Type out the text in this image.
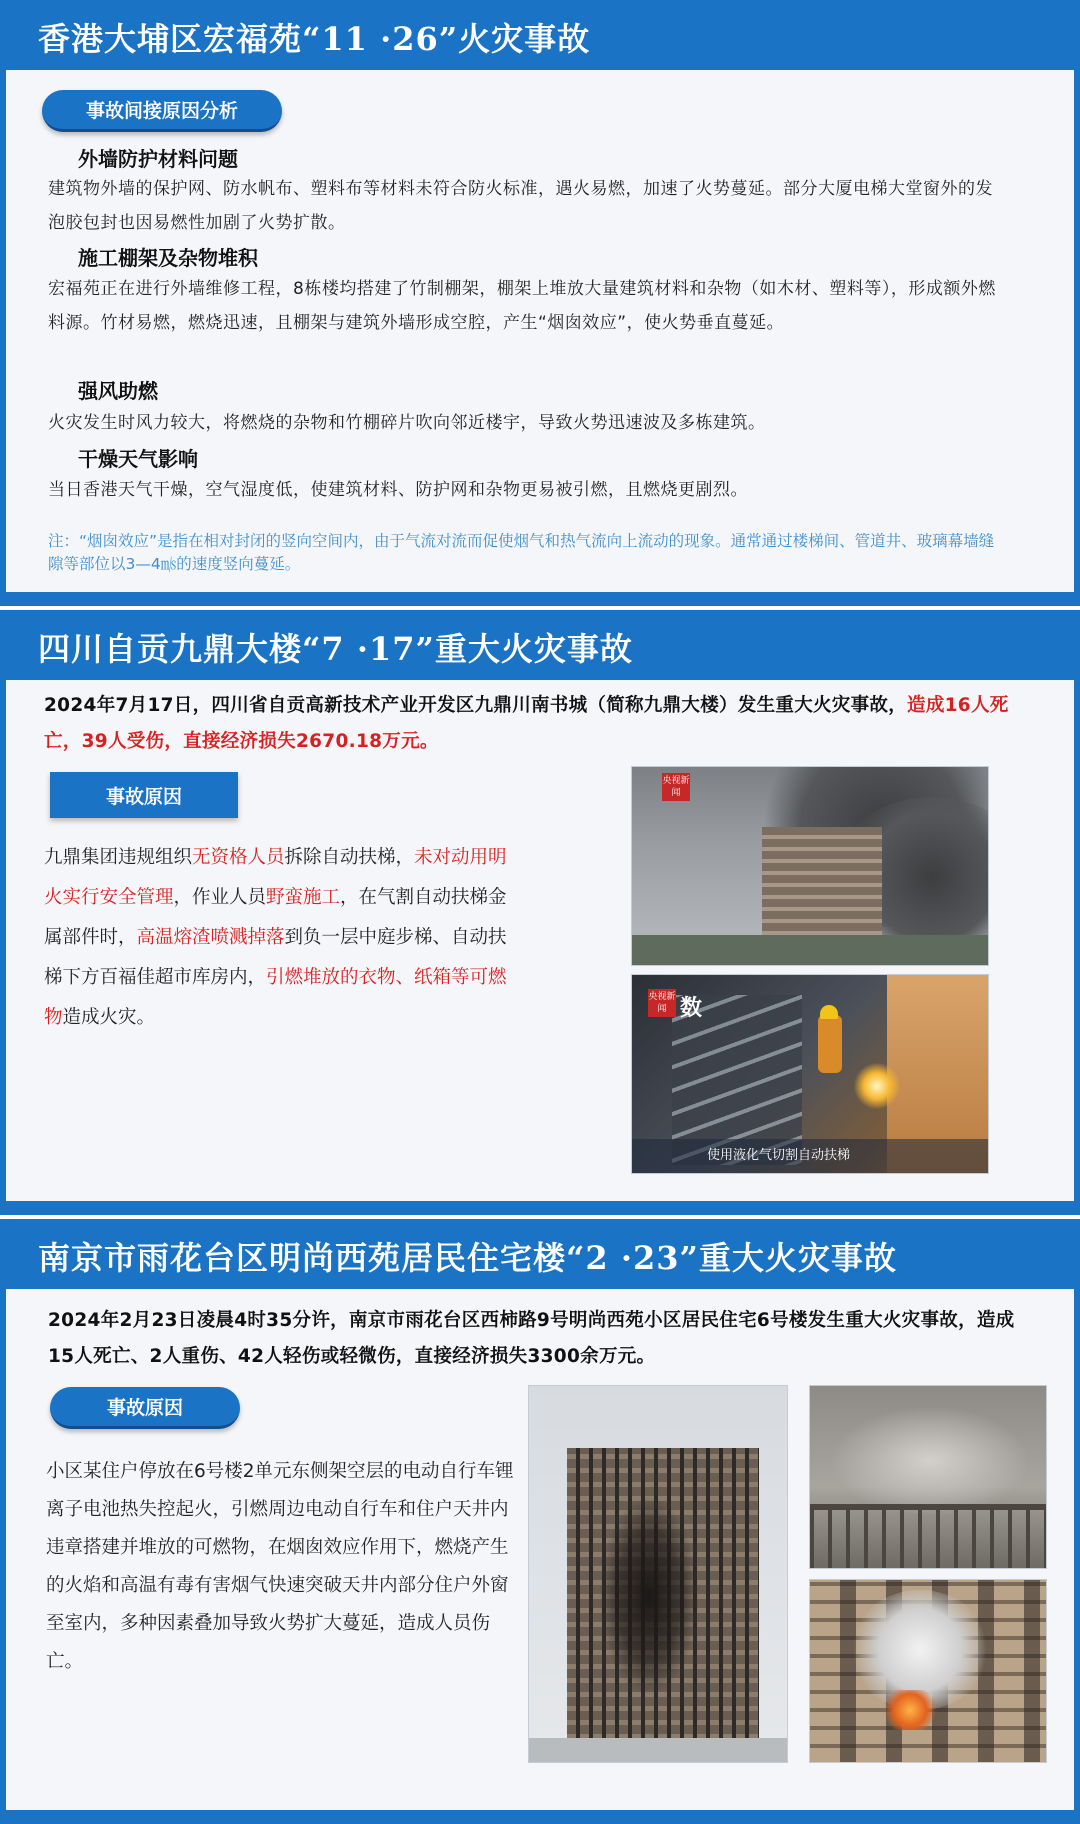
香港大埔区宏福苑“11 ·26”火灾事故
事故间接原因分析
外墙防护材料问题
建筑物外墙的保护网、防水帆布、塑料布等材料未符合防火标准，遇火易燃，加速了火势蔓延。部分大厦电梯大堂窗外的发泡胶包封也因易燃性加剧了火势扩散。
施工棚架及杂物堆积
宏福苑正在进行外墙维修工程，8栋楼均搭建了竹制棚架，棚架上堆放大量建筑材料和杂物（如木材、塑料等），形成额外燃料源。竹材易燃，燃烧迅速，且棚架与建筑外墙形成空腔，产生“烟囱效应”，使火势垂直蔓延。
强风助燃
火灾发生时风力较大，将燃烧的杂物和竹棚碎片吹向邻近楼宇，导致火势迅速波及多栋建筑。
干燥天气影响
当日香港天气干燥，空气湿度低，使建筑材料、防护网和杂物更易被引燃，且燃烧更剧烈。
注：“烟囱效应”是指在相对封闭的竖向空间内，由于气流对流而促使烟气和热气流向上流动的现象。通常通过楼梯间、管道井、玻璃幕墙缝隙等部位以3—4㎧的速度竖向蔓延。
四川自贡九鼎大楼“7 ·17”重大火灾事故
2024年7月17日，四川省自贡高新技术产业开发区九鼎川南书城（简称九鼎大楼）发生重大火灾事故，造成16人死亡，39人受伤，直接经济损失2670.18万元。
事故原因
九鼎集团违规组织无资格人员拆除自动扶梯，未对动用明火实行安全管理，作业人员野蛮施工，在气割自动扶梯金属部件时，高温熔渣喷溅掉落到负一层中庭步梯、自动扶梯下方百福佳超市库房内，引燃堆放的衣物、纸箱等可燃物造成火灾。
央视新闻
央视新闻 数
使用液化气切割自动扶梯
南京市雨花台区明尚西苑居民住宅楼“2 ·23”重大火灾事故
2024年2月23日凌晨4时35分许，南京市雨花台区西柿路9号明尚西苑小区居民住宅6号楼发生重大火灾事故，造成15人死亡、2人重伤、42人轻伤或轻微伤，直接经济损失3300余万元。
事故原因
小区某住户停放在6号楼2单元东侧架空层的电动自行车锂离子电池热失控起火，引燃周边电动自行车和住户天井内违章搭建并堆放的可燃物，在烟囱效应作用下，燃烧产生的火焰和高温有毒有害烟气快速突破天井内部分住户外窗至室内，多种因素叠加导致火势扩大蔓延，造成人员伤亡。
